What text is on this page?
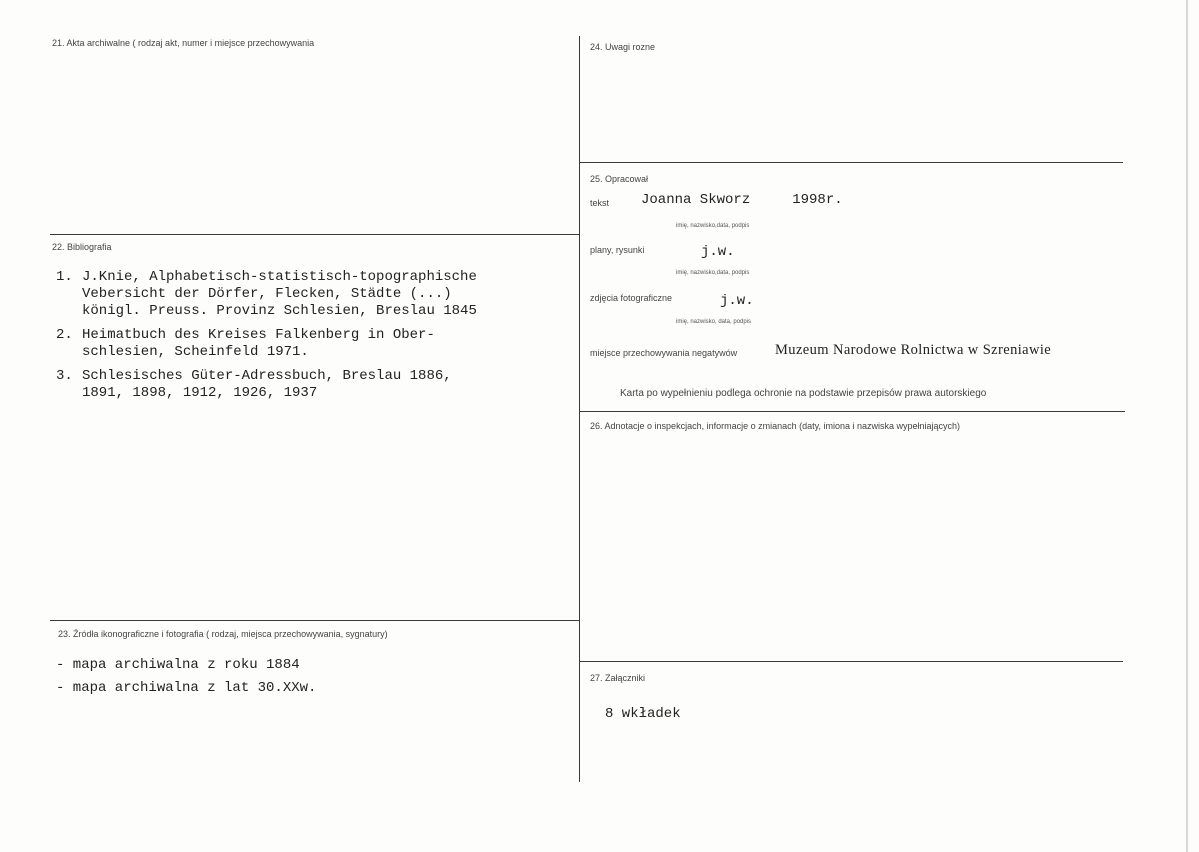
21. Akta archiwalne ( rodzaj akt, numer i miejsce przechowywania
22. Bibliografia
1. J.Knie, Alphabetisch-statistisch-topographische
Vebersicht der Dörfer, Flecken, Städte (...)
königl. Preuss. Provinz Schlesien, Breslau 1845
2. Heimatbuch des Kreises Falkenberg in Ober-
schlesien, Scheinfeld 1971.
3. Schlesisches Güter-Adressbuch, Breslau 1886,
1891, 1898, 1912, 1926, 1937
23. Źródła ikonograficzne i fotografia ( rodzaj, miejsca przechowywania, sygnatury)
- mapa archiwalna z roku 1884
- mapa archiwalna z lat 30.XXw.
24. Uwagi rozne
25. Opracował
tekst Joanna Skworz     1998r.
imię, nazwisko,data, podpis
plany, rysunki	j.w.
imię, nazwisko,data, podpis
zdjęcia fotograficzne	j.w.
imię, nazwisko, data, podpis
miejsce przechowywania negatywów	Muzeum Narodowe Rolnictwa w Szreniawie
Karta po wypełnieniu podlega ochronie na podstawie przepisów prawa autorskiego
26. Adnotacje o inspekcjach, informacje o zmianach (daty, imiona i nazwiska wypełniających)
27. Załączniki
8 wkładek
